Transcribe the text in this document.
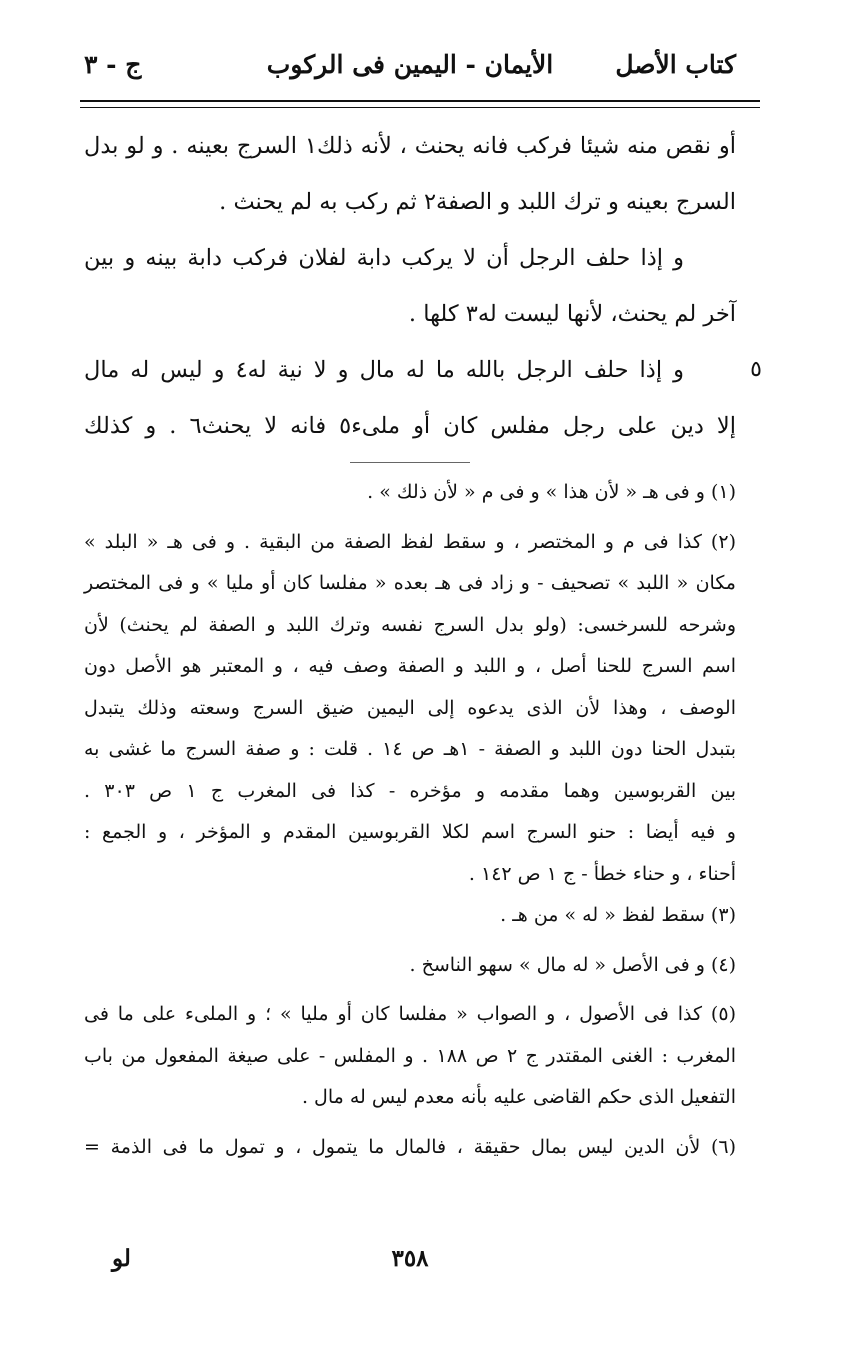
كتاب الأصل
الأيمان - اليمين فى الركوب
ج - ٣
أو نقص منه شيئا فركب فانه يحنث ، لأنه ذلك١ السرج بعينه . و لو بدل
السرج بعينه و ترك اللبد و الصفة٢ ثم ركب به لم يحنث .
و إذا حلف الرجل أن لا يركب دابة لفلان فركب دابة بينه و بين
آخر لم يحنث، لأنها ليست له٣ كلها .
٥
و إذا حلف الرجل بالله ما له مال و لا نية له٤ و ليس له مال
إلا دين على رجل مفلس كان أو ملىء٥ فانه لا يحنث٦ . و كذلك
(١) و فى هـ « لأن هذا » و فى م « لأن ذلك » .
(٢) كذا فى م و المختصر ، و سقط لفظ الصفة من البقية . و فى هـ « البلد »
مكان « اللبد » تصحيف - و زاد فى هـ بعده « مفلسا كان أو مليا » و فى المختصر
وشرحه للسرخسى: (ولو بدل السرج نفسه وترك اللبد و الصفة لم يحنث) لأن
اسم السرج للحنا أصل ، و اللبد و الصفة وصف فيه ، و المعتبر هو الأصل دون
الوصف ، وهذا لأن الذى يدعوه إلى اليمين ضيق السرج وسعته وذلك يتبدل
بتبدل الحنا دون اللبد و الصفة - ١هـ ص ١٤ . قلت : و صفة السرج ما غشى به
بين القربوسين وهما مقدمه و مؤخره - كذا فى المغرب ج ١ ص ٣٠٣ .
و فيه أيضا : حنو السرج اسم لكلا القربوسين المقدم و المؤخر ، و الجمع :
أحناء ، و حناء خطأ - ج ١ ص ١٤٢ .
(٣) سقط لفظ « له » من هـ .
(٤) و فى الأصل « له مال » سهو الناسخ .
(٥) كذا فى الأصول ، و الصواب « مفلسا كان أو مليا » ؛ و الملىء على ما فى
المغرب : الغنى المقتدر ج ٢ ص ١٨٨ . و المفلس - على صيغة المفعول من باب
التفعيل الذى حكم القاضى عليه بأنه معدم ليس له مال .
(٦) لأن الدين ليس بمال حقيقة ، فالمال ما يتمول ، و تمول ما فى الذمة =
٣٥٨
لو
